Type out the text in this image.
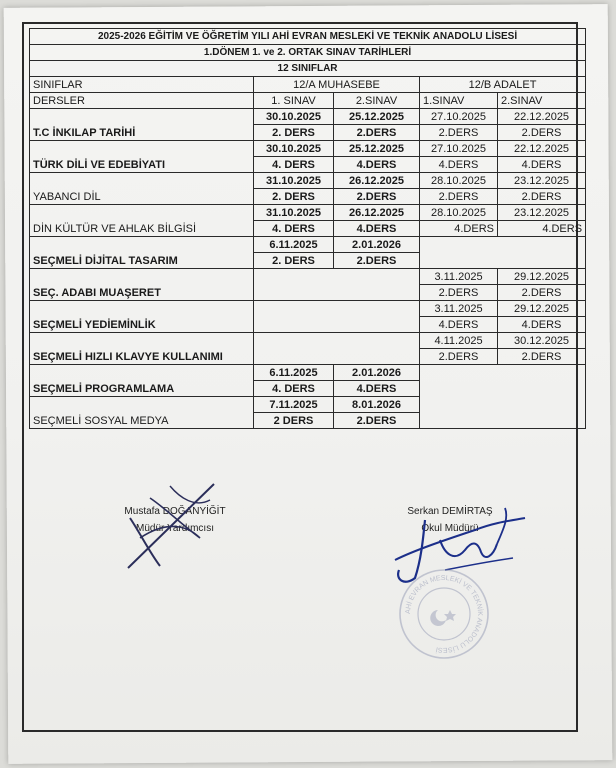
2025-2026 EĞİTİM VE ÖĞRETİM YILI AHİ EVRAN MESLEKİ VE TEKNİK ANADOLU LİSESİ				
1.DÖNEM 1. ve 2. ORTAK SINAV TARİHLERİ				
12 SINIFLAR				
SINIFLAR	12/A MUHASEBE		12/B ADALET	
DERSLER	1. SINAV	2.SINAV	1.SINAV	2.SINAV
T.C İNKILAP TARİHİ	30.10.2025	25.12.2025	27.10.2025	22.12.2025
	2. DERS	2.DERS	2.DERS	2.DERS
TÜRK DİLİ VE EDEBİYATI	30.10.2025	25.12.2025	27.10.2025	22.12.2025
	4. DERS	4.DERS	4.DERS	4.DERS
YABANCI DİL	31.10.2025	26.12.2025	28.10.2025	23.12.2025
	2. DERS	2.DERS	2.DERS	2.DERS
DİN KÜLTÜR VE AHLAK BİLGİSİ	31.10.2025	26.12.2025	28.10.2025	23.12.2025
	4. DERS	4.DERS	4.DERS	4.DERS
SEÇMELİ DİJİTAL TASARIM	6.11.2025	2.01.2026		
	2. DERS	2.DERS		
SEÇ. ADABI MUAŞERET			3.11.2025	29.12.2025
			2.DERS	2.DERS
SEÇMELİ YEDİEMİNLİK			3.11.2025	29.12.2025
			4.DERS	4.DERS
SEÇMELİ HIZLI KLAVYE KULLANIMI			4.11.2025	30.12.2025
			2.DERS	2.DERS
SEÇMELİ PROGRAMLAMA	6.11.2025	2.01.2026		
	4. DERS	4.DERS		
SEÇMELİ SOSYAL MEDYA	7.11.2025	8.01.2026		
	2 DERS	2.DERS		
Mustafa DOĞANYİĞİT
Müdür Yardımcısı
Serkan DEMİRTAŞ
Okul Müdürü
AHİ EVRAN MESLEKİ VE TEKNİK ANADOLU LİSESİ
